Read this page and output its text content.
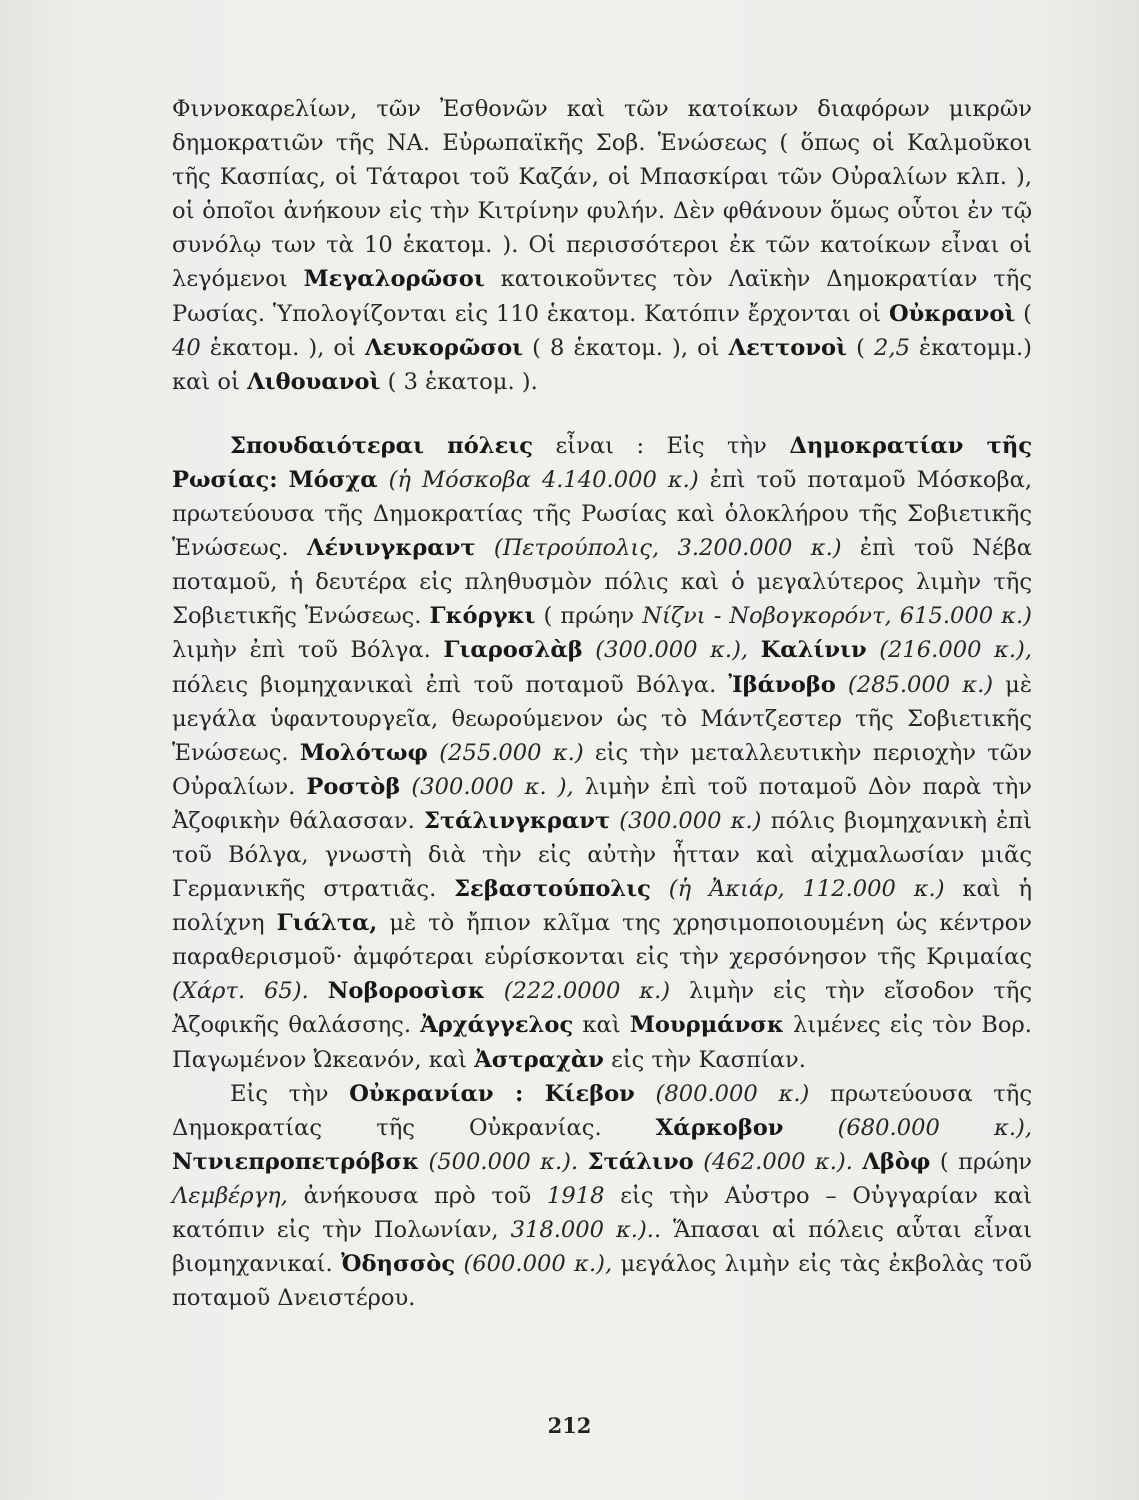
Φιννοκαρελίων, τῶν Ἐσθονῶν καὶ τῶν κατοίκων διαφόρων μικρῶν δημοκρατιῶν τῆς ΝΑ. Εὐρωπαϊκῆς Σοβ. Ἑνώσεως ( ὅπως οἱ Καλμοῦκοι τῆς Κασπίας, οἱ Τάταροι τοῦ Καζάν, οἱ Μπασκίραι τῶν Οὐραλίων κλπ. ), οἱ ὁποῖοι ἀνήκουν εἰς τὴν Κιτρίνην φυλήν. Δὲν φθάνουν ὅμως οὗτοι ἐν τῷ συνόλῳ των τὰ 10 ἑκατομ. ). Οἱ περισσότεροι ἐκ τῶν κατοίκων εἶναι οἱ λεγόμενοι Μεγαλορῶσοι κατοικοῦντες τὸν Λαϊκὴν Δημοκρατίαν τῆς Ρωσίας. Ὑπολογίζονται εἰς 110 ἑκατομ. Κατόπιν ἔρχονται οἱ Οὐκρανοὶ ( 40 ἑκατομ. ), οἱ Λευκορῶσοι ( 8 ἑκατομ. ), οἱ Λεττονοὶ ( 2,5 ἑκατομμ.) καὶ οἱ Λιθουανοὶ ( 3 ἑκατομ. ).

Σπουδαιότεραι πόλεις εἶναι : Εἰς τὴν Δημοκρατίαν τῆς Ρωσίας: Μόσχα (ἡ Μόσκοβα 4.140.000 κ.) ἐπὶ τοῦ ποταμοῦ Μόσκοβα, πρωτεύουσα τῆς Δημοκρατίας τῆς Ρωσίας καὶ ὁλοκλήρου τῆς Σοβιετικῆς Ἑνώσεως. Λένινγκραντ (Πετρούπολις, 3.200.000 κ.) ἐπὶ τοῦ Νέβα ποταμοῦ, ἡ δευτέρα εἰς πληθυσμὸν πόλις καὶ ὁ μεγαλύτερος λιμὴν τῆς Σοβιετικῆς Ἑνώσεως. Γκόργκι ( πρώην Νίζνι - Νοβογκορόντ, 615.000 κ.) λιμὴν ἐπὶ τοῦ Βόλγα. Γιαροσλὰβ (300.000 κ.), Καλίνιν (216.000 κ.), πόλεις βιομηχανικαὶ ἐπὶ τοῦ ποταμοῦ Βόλγα. Ἰβάνοβο (285.000 κ.) μὲ μεγάλα ὑφαντουργεῖα, θεωρούμενον ὡς τὸ Μάντζεστερ τῆς Σοβιετικῆς Ἑνώσεως. Μολότωφ (255.000 κ.) εἰς τὴν μεταλλευτικὴν περιοχὴν τῶν Οὐραλίων. Ροστὸβ (300.000 κ. ), λιμὴν ἐπὶ τοῦ ποταμοῦ Δὸν παρὰ τὴν Ἀζοφικὴν θάλασσαν. Στάλινγκραντ (300.000 κ.) πόλις βιομηχανικὴ ἐπὶ τοῦ Βόλγα, γνωστὴ διὰ τὴν εἰς αὐτὴν ἧτταν καὶ αἰχμαλωσίαν μιᾶς Γερμανικῆς στρατιᾶς. Σεβαστούπολις (ἡ Ἀκιάρ, 112.000 κ.) καὶ ἡ πολίχνη Γιάλτα, μὲ τὸ ἤπιον κλῖμα της χρησιμοποιουμένη ὡς κέντρον παραθερισμοῦ· ἀμφότεραι εὑρίσκονται εἰς τὴν χερσόνησον τῆς Κριμαίας (Χάρτ. 65). Νοβοροσὶσκ (222.0000 κ.) λιμὴν εἰς τὴν εἴσοδον τῆς Ἀζοφικῆς θαλάσσης. Ἀρχάγγελος καὶ Μουρμάνσκ λιμένες εἰς τὸν Βορ. Παγωμένον Ὠκεανόν, καὶ Ἀστραχὰν εἰς τὴν Κασπίαν.

Εἰς τὴν Οὐκρανίαν : Κίεβον (800.000 κ.) πρωτεύουσα τῆς Δημοκρατίας τῆς Οὐκρανίας. Χάρκοβον (680.000 κ.), Ντνιεπροπετρόβσκ (500.000 κ.). Στάλινο (462.000 κ.). Λβὸφ ( πρώην Λεμβέργη, ἀνήκουσα πρὸ τοῦ 1918 εἰς τὴν Αὐστρο – Οὐγγαρίαν καὶ κατόπιν εἰς τὴν Πολωνίαν, 318.000 κ.).. Ἅπασαι αἱ πόλεις αὗται εἶναι βιομηχανικαί. Ὀδησσὸς (600.000 κ.), μεγάλος λιμὴν εἰς τὰς ἐκβολὰς τοῦ ποταμοῦ Δνειστέρου.

212
